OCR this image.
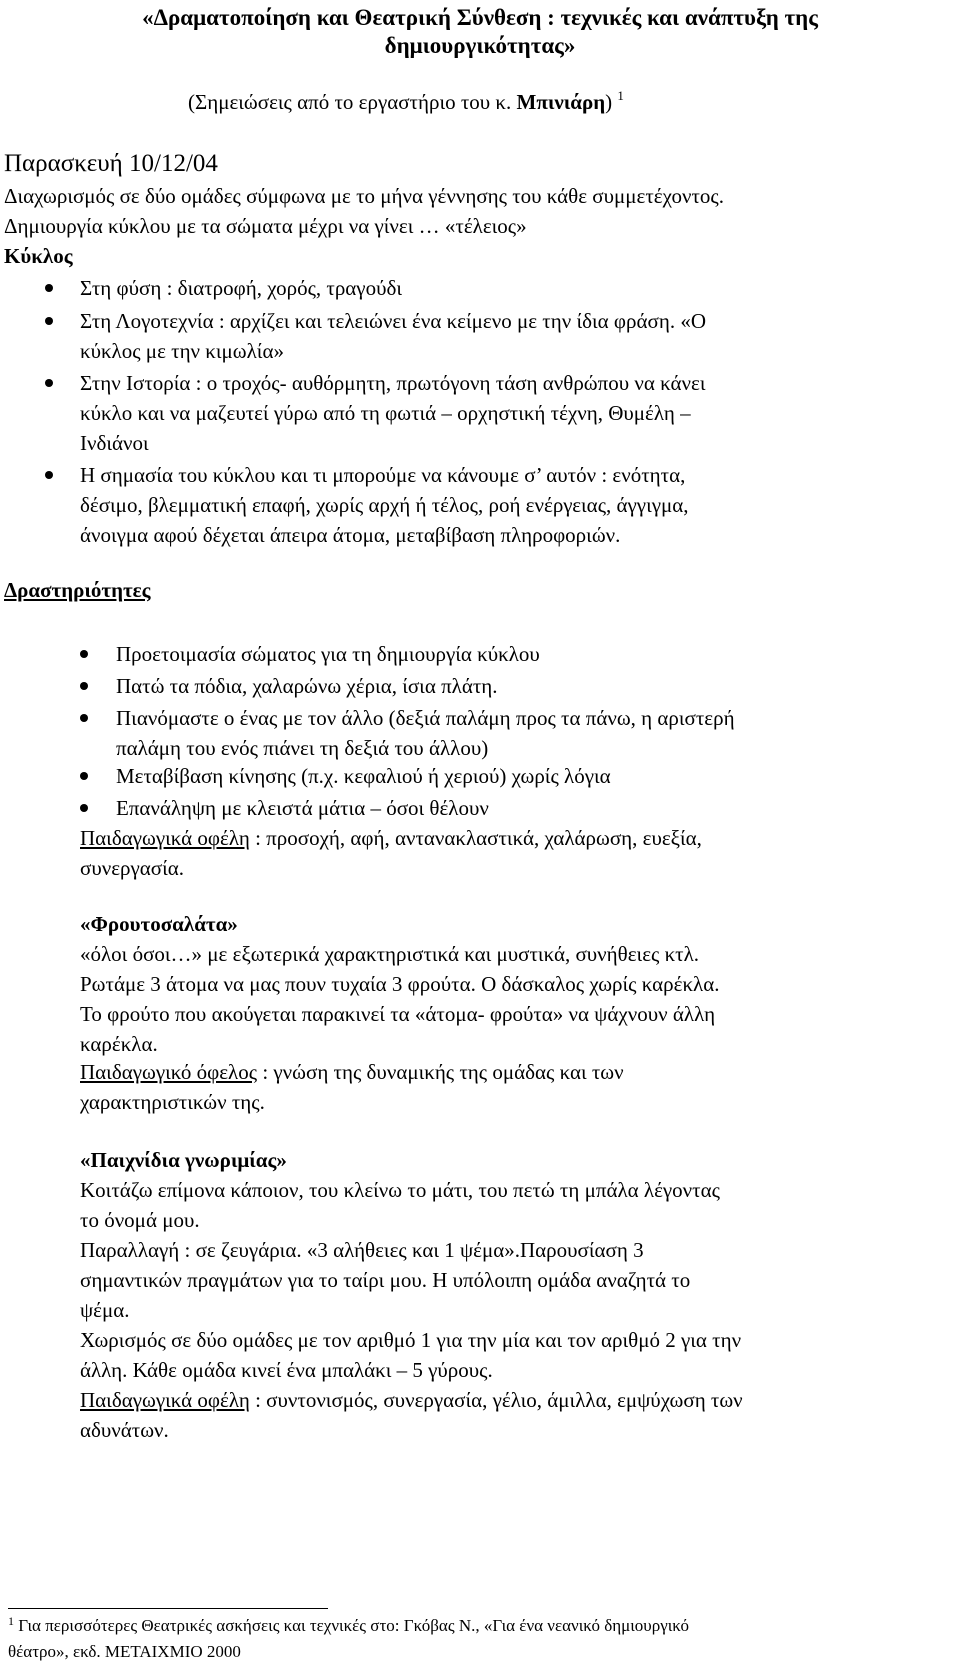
«Δραματοποίηση και Θεατρική Σύνθεση : τεχνικές και ανάπτυξη της
δημιουργικότητας»
(Σημειώσεις από το εργαστήριο του κ. Μπινιάρη) $^1$
Παρασκευή 10/12/04
Διαχωρισμός σε δύο ομάδες σύμφωνα με το μήνα γέννησης του κάθε συμμετέχοντος.
Δημιουργία κύκλου με τα σώματα μέχρι να γίνει … «τέλειος»
Κύκλος
Στη φύση : διατροφή, χορός, τραγούδι
Στη Λογοτεχνία : αρχίζει και τελειώνει ένα κείμενο με την ίδια φράση. «Ο
κύκλος με την κιμωλία»
Στην Ιστορία : ο τροχός- αυθόρμητη, πρωτόγονη τάση ανθρώπου να κάνει
κύκλο και να μαζευτεί γύρω από τη φωτιά – ορχηστική τέχνη, Θυμέλη –
Ινδιάνοι
Η σημασία του κύκλου και τι μπορούμε να κάνουμε σ’ αυτόν : ενότητα,
δέσιμο, βλεμματική επαφή, χωρίς αρχή ή τέλος, ροή ενέργειας, άγγιγμα,
άνοιγμα αφού δέχεται άπειρα άτομα, μεταβίβαση πληροφοριών.
Δραστηριότητες
Προετοιμασία σώματος για τη δημιουργία κύκλου
Πατώ τα πόδια, χαλαρώνω χέρια, ίσια πλάτη.
Πιανόμαστε ο ένας με τον άλλο (δεξιά παλάμη προς τα πάνω, η αριστερή
παλάμη του ενός πιάνει τη δεξιά του άλλου)
Μεταβίβαση κίνησης (π.χ. κεφαλιού ή χεριού) χωρίς λόγια
Επανάληψη με κλειστά μάτια – όσοι θέλουν
Παιδαγωγικά οφέλη : προσοχή, αφή, αντανακλαστικά, χαλάρωση, ευεξία,
συνεργασία.
«Φρουτοσαλάτα»
«όλοι όσοι…» με εξωτερικά χαρακτηριστικά και μυστικά, συνήθειες κτλ.
Ρωτάμε 3 άτομα να μας πουν τυχαία 3 φρούτα. Ο δάσκαλος χωρίς καρέκλα.
Το φρούτο που ακούγεται παρακινεί τα «άτομα- φρούτα» να ψάχνουν άλλη
καρέκλα.
Παιδαγωγικό όφελος : γνώση της δυναμικής της ομάδας και των
χαρακτηριστικών της.
«Παιχνίδια γνωριμίας»
Κοιτάζω επίμονα κάποιον, του κλείνω το μάτι, του πετώ τη μπάλα λέγοντας
το όνομά μου.
Παραλλαγή : σε ζευγάρια. «3 αλήθειες και 1 ψέμα».Παρουσίαση 3
σημαντικών πραγμάτων για το ταίρι μου. Η υπόλοιπη ομάδα αναζητά το
ψέμα.
Χωρισμός σε δύο ομάδες με τον αριθμό 1 για την μία και τον αριθμό 2 για την
άλλη. Κάθε ομάδα κινεί ένα μπαλάκι – 5 γύρους.
Παιδαγωγικά οφέλη : συντονισμός, συνεργασία, γέλιο, άμιλλα, εμψύχωση των
αδυνάτων.
$^1$ Για περισσότερες Θεατρικές ασκήσεις και τεχνικές στο: Γκόβας Ν., «Για ένα νεανικό δημιουργικό
θέατρο», εκδ. ΜΕΤΑΙΧΜΙΟ 2000
